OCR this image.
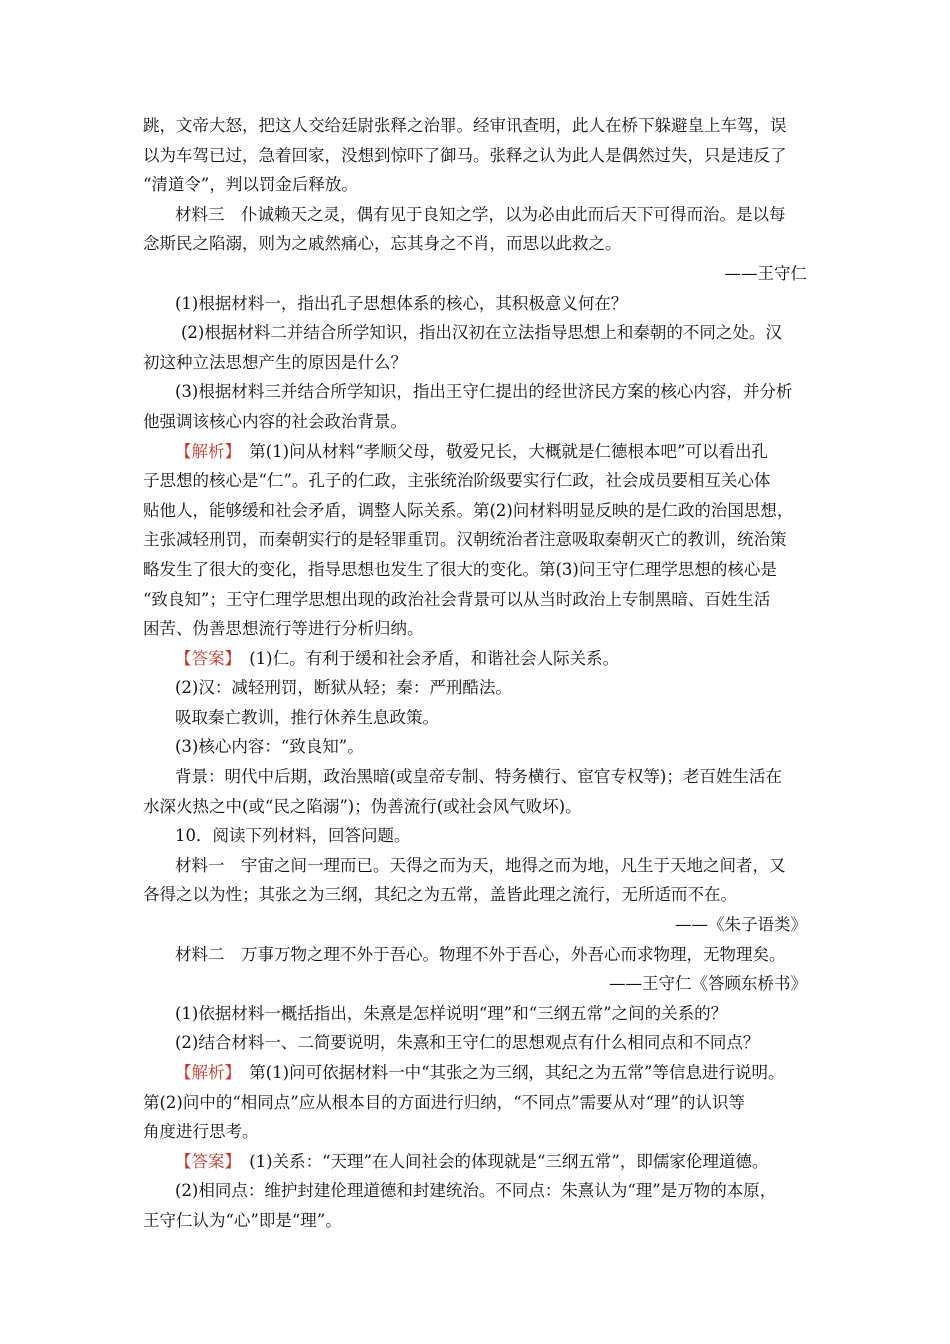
跳，文帝大怒，把这人交给廷尉张释之治罪。经审讯查明，此人在桥下躲避皇上车驾，误
以为车驾已过，急着回家，没想到惊吓了御马。张释之认为此人是偶然过失，只是违反了
“清道令”，判以罚金后释放。
材料三　仆诚赖天之灵，偶有见于良知之学，以为必由此而后天下可得而治。是以每
念斯民之陷溺，则为之戚然痛心，忘其身之不肖，而思以此救之。
——王守仁
(1)根据材料一，指出孔子思想体系的核心，其积极意义何在？
(2)根据材料二并结合所学知识，指出汉初在立法指导思想上和秦朝的不同之处。汉
初这种立法思想产生的原因是什么？
(3)根据材料三并结合所学知识，指出王守仁提出的经世济民方案的核心内容，并分析
他强调该核心内容的社会政治背景。
【解析】　 第(1)问从材料“孝顺父母，敬爱兄长，大概就是仁德根本吧”可以看出孔
子思想的核心是“仁”。孔子的仁政，主张统治阶级要实行仁政，社会成员要相互关心体
贴他人，能够缓和社会矛盾，调整人际关系。第(2)问材料明显反映的是仁政的治国思想，
主张减轻刑罚，而秦朝实行的是轻罪重罚。汉朝统治者注意吸取秦朝灭亡的教训，统治策
略发生了很大的变化，指导思想也发生了很大的变化。第(3)问王守仁理学思想的核心是
“致良知”；王守仁理学思想出现的政治社会背景可以从当时政治上专制黑暗、百姓生活
困苦、伪善思想流行等进行分析归纳。
【答案】　 (1)仁。有利于缓和社会矛盾，和谐社会人际关系。
(2)汉：减轻刑罚，断狱从轻；秦：严刑酷法。
吸取秦亡教训，推行休养生息政策。
(3)核心内容：“致良知”。
背景：明代中后期，政治黑暗(或皇帝专制、特务横行、宦官专权等)；老百姓生活在
水深火热之中(或“民之陷溺”)；伪善流行(或社会风气败坏)。
10．阅读下列材料，回答问题。
材料一　宇宙之间一理而已。天得之而为天，地得之而为地，凡生于天地之间者，又
各得之以为性；其张之为三纲，其纪之为五常，盖皆此理之流行，无所适而不在。
——《朱子语类》
材料二　万事万物之理不外于吾心。物理不外于吾心，外吾心而求物理，无物理矣。
——王守仁《答顾东桥书》
(1)依据材料一概括指出，朱熹是怎样说明“理”和“三纲五常”之间的关系的？
(2)结合材料一、二简要说明，朱熹和王守仁的思想观点有什么相同点和不同点？
【解析】　 第(1)问可依据材料一中“其张之为三纲，其纪之为五常”等信息进行说明。
第(2)问中的“相同点”应从根本目的方面进行归纳，“不同点”需要从对“理”的认识等
角度进行思考。
【答案】　 (1)关系：“天理”在人间社会的体现就是“三纲五常”，即儒家伦理道德。
(2)相同点：维护封建伦理道德和封建统治。不同点：朱熹认为“理”是万物的本原，
王守仁认为“心”即是“理”。
